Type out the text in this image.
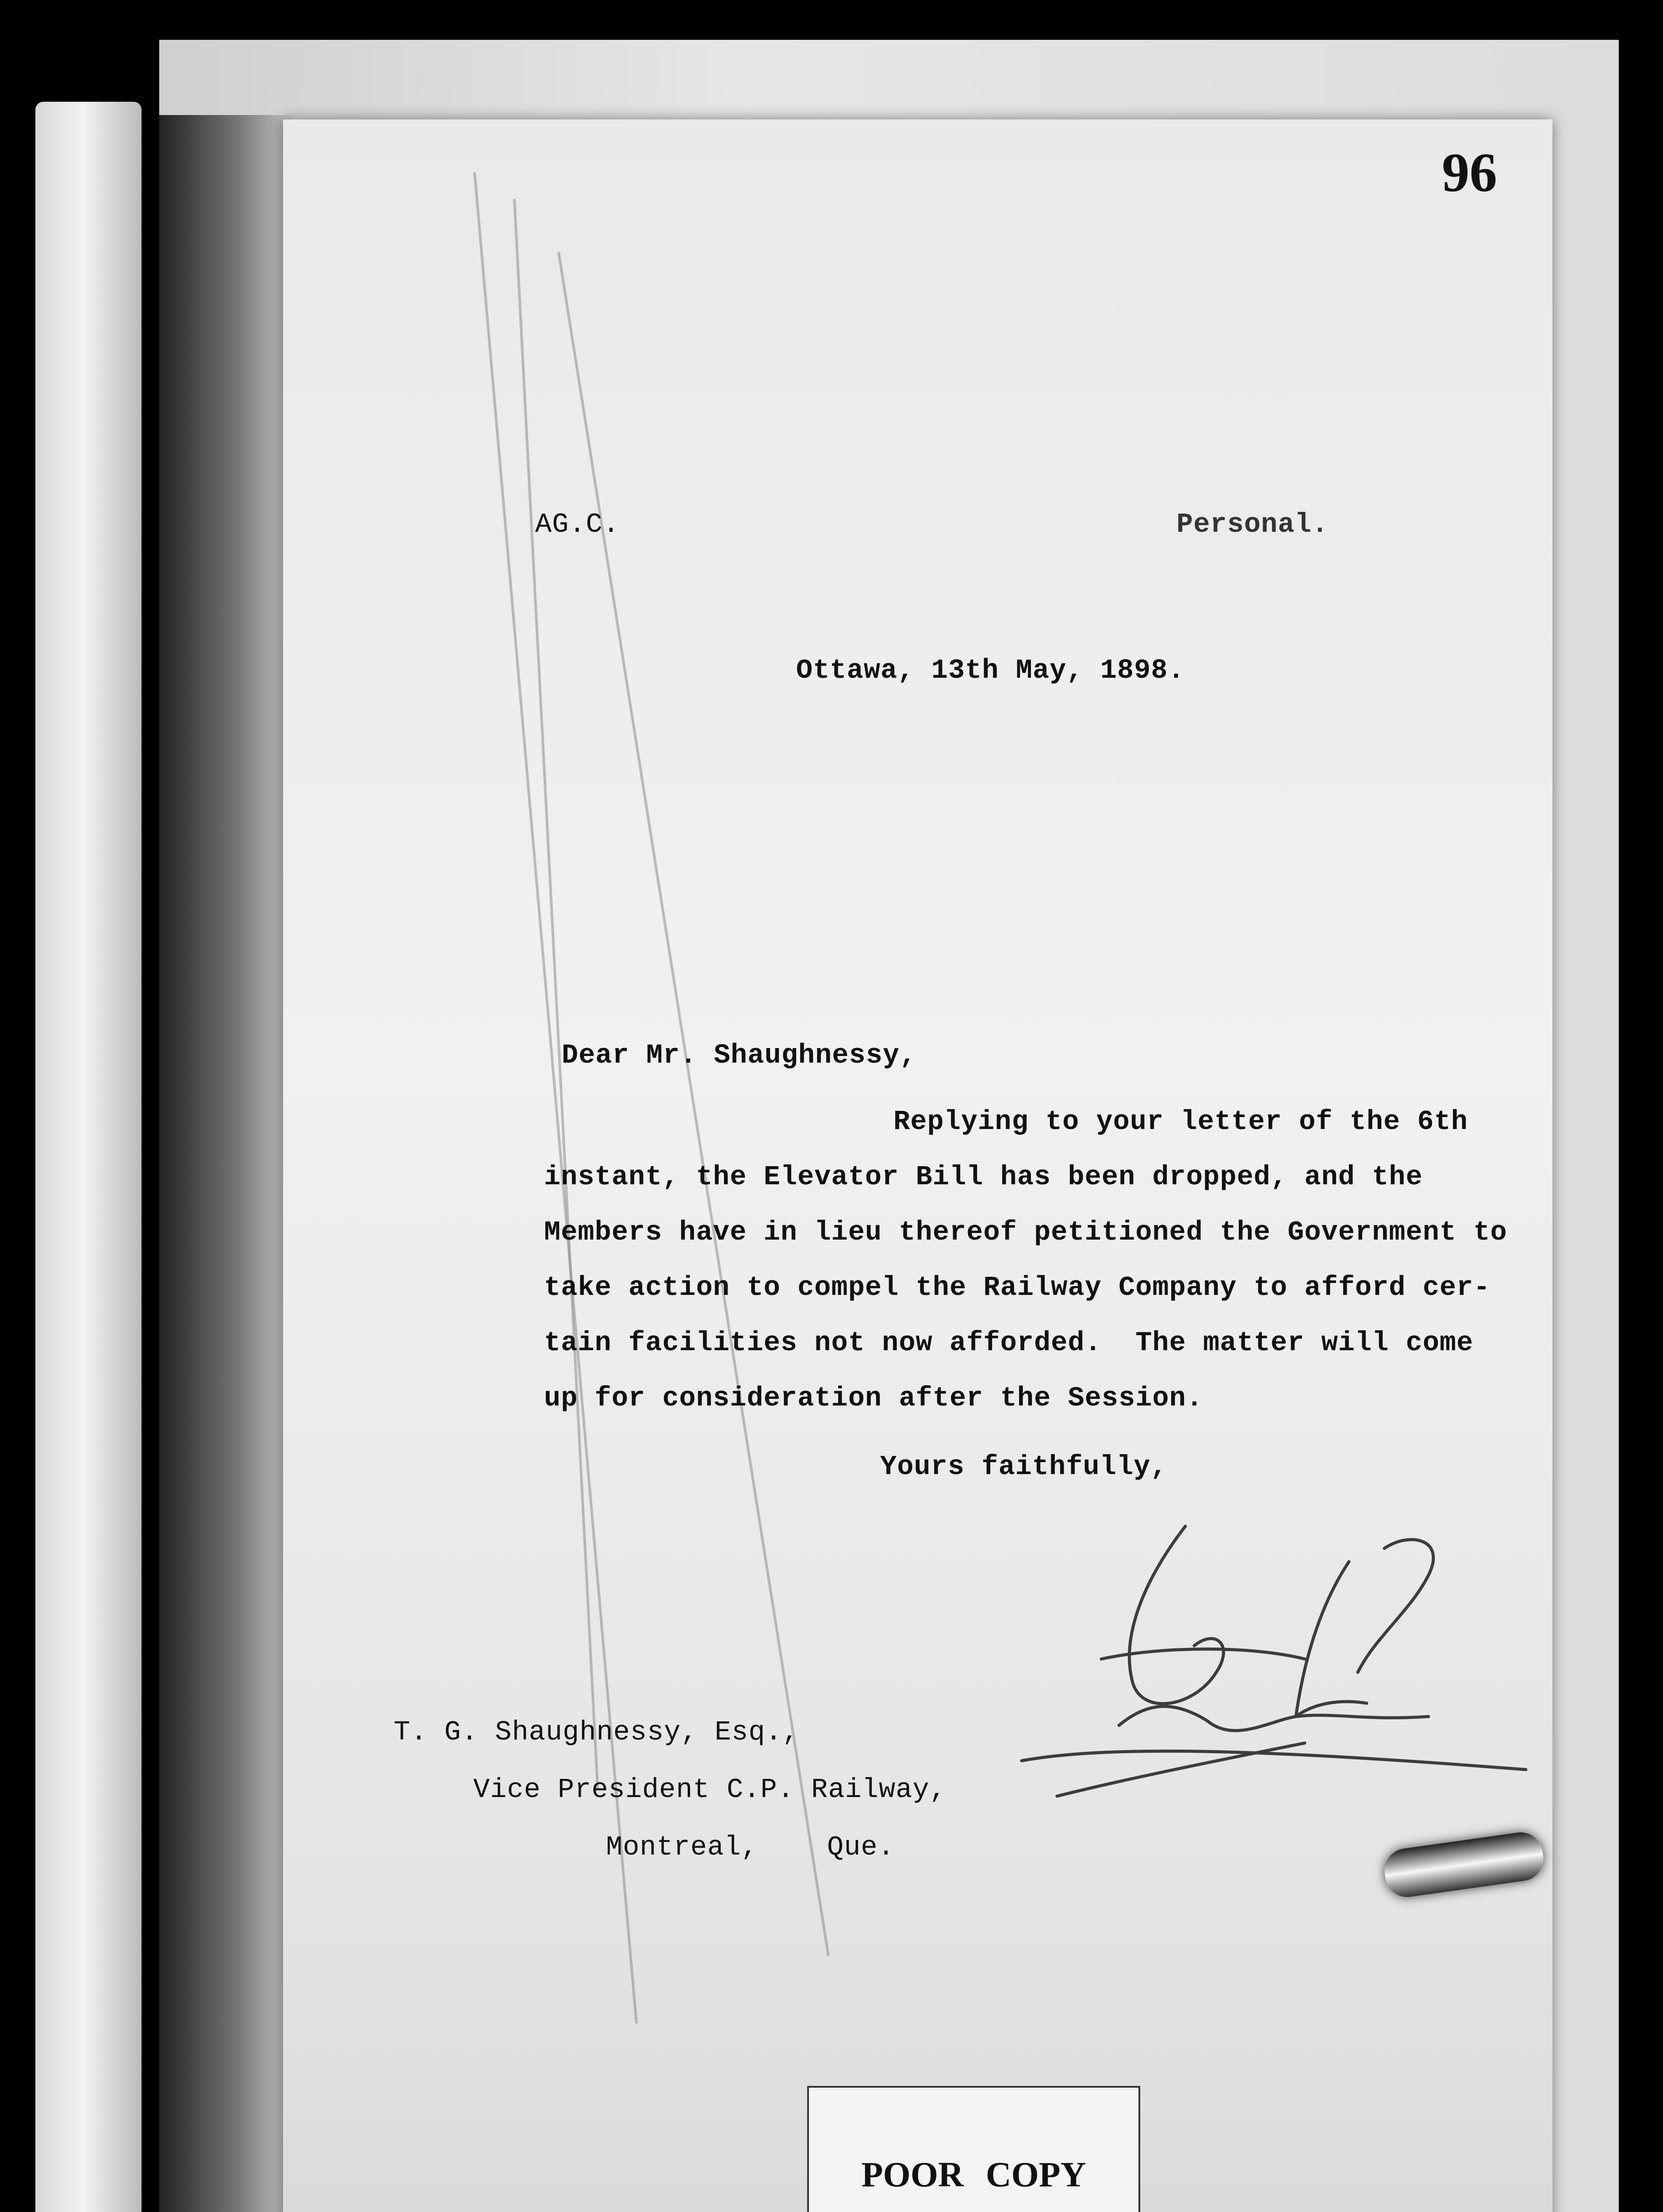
AG.C.	Personal.
Ottawa, 13th May, 1898.
Dear Mr. Shaughnessy,
Replying to your letter of the 6th
instant, the Elevator Bill has been dropped, and the
Members have in lieu thereof petitioned the Government to
take action to compel the Railway Company to afford cer-
tain facilities not now afforded.  The matter will come
up for consideration after the Session.
Yours faithfully,
T. G. Shaughnessy, Esq.,
Vice President C.P. Railway,
Montreal,	Que.
96
POOR COPY
